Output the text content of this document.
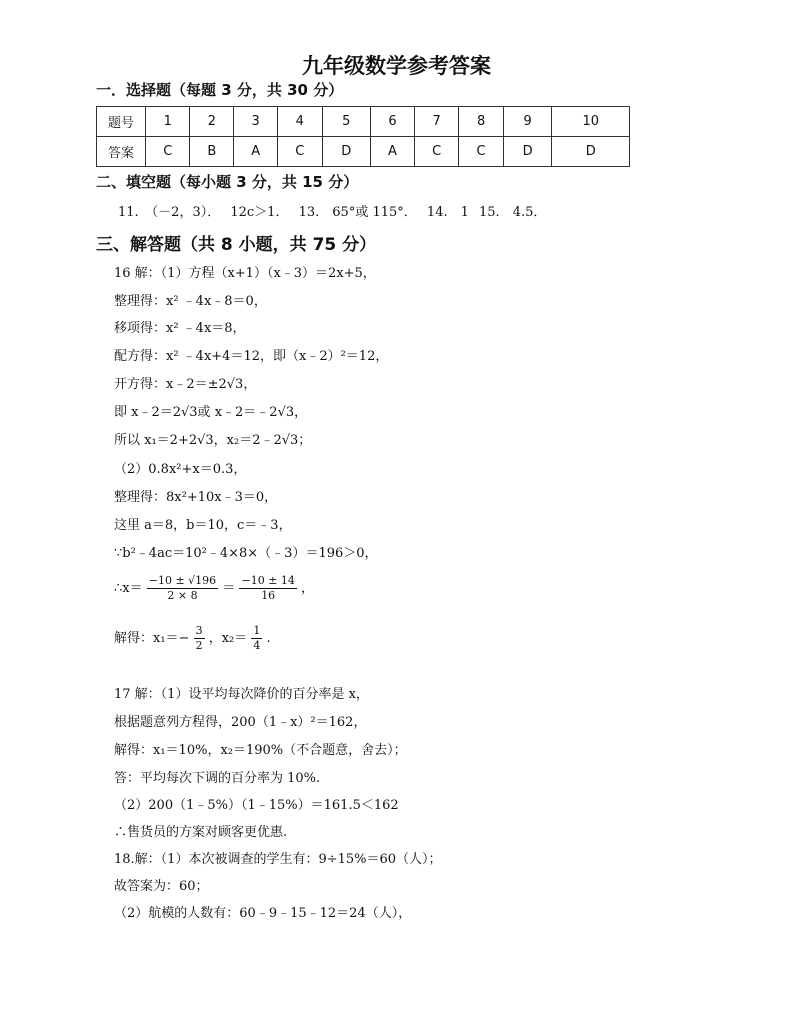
九年级数学参考答案
一．选择题（每题 3 分，共 30 分）
题号	1	2	3	4	5	6	7	8	9	10
答案	C	B	A	C	D	A	C	C	D	D
二、填空题（每小题 3 分，共 15 分）
11.　（－2，3）． 12c＞1． 13.　65°或 115°． 14.　1 15.　4.5．
三、解答题（共 8 小题，共 75 分）
16 解：（1）方程（x+1）（x﹣3）＝2x+5，
整理得：x² ﹣4x﹣8＝0，
移项得：x² ﹣4x＝8，
配方得：x² ﹣4x+4＝12，即（x﹣2）²＝12，
开方得：x﹣2＝±2√3，
即 x﹣2＝2√3或 x﹣2＝﹣2√3，
所以 x₁＝2+2√3，x₂＝2﹣2√3；
（2）0.8x²+x＝0.3，
整理得：8x²+10x﹣3＝0，
这里 a＝8，b＝10，c＝﹣3，
∵b²﹣4ac＝10²﹣4×8×（﹣3）＝196＞0，
∴x＝ $\frac{-10 \pm √196}{2 \times 8} = \frac{-10 \pm 14}{16}$ ，
解得：$x_1=- \frac{3}{2}$ ，$x_2= \frac{1}{4}$ .
17 解：（1）设平均每次降价的百分率是 x，
根据题意列方程得，200（1﹣x）²＝162，
解得：x₁＝10%，x₂＝190%（不合题意，舍去）；
答：平均每次下调的百分率为 10%.
（2）200（1﹣5%）（1﹣15%）＝161.5＜162
∴售货员的方案对顾客更优惠.
18.解：（1）本次被调查的学生有：9÷15%＝60（人）；
故答案为：60；
（2）航模的人数有：60﹣9﹣15﹣12＝24（人），
